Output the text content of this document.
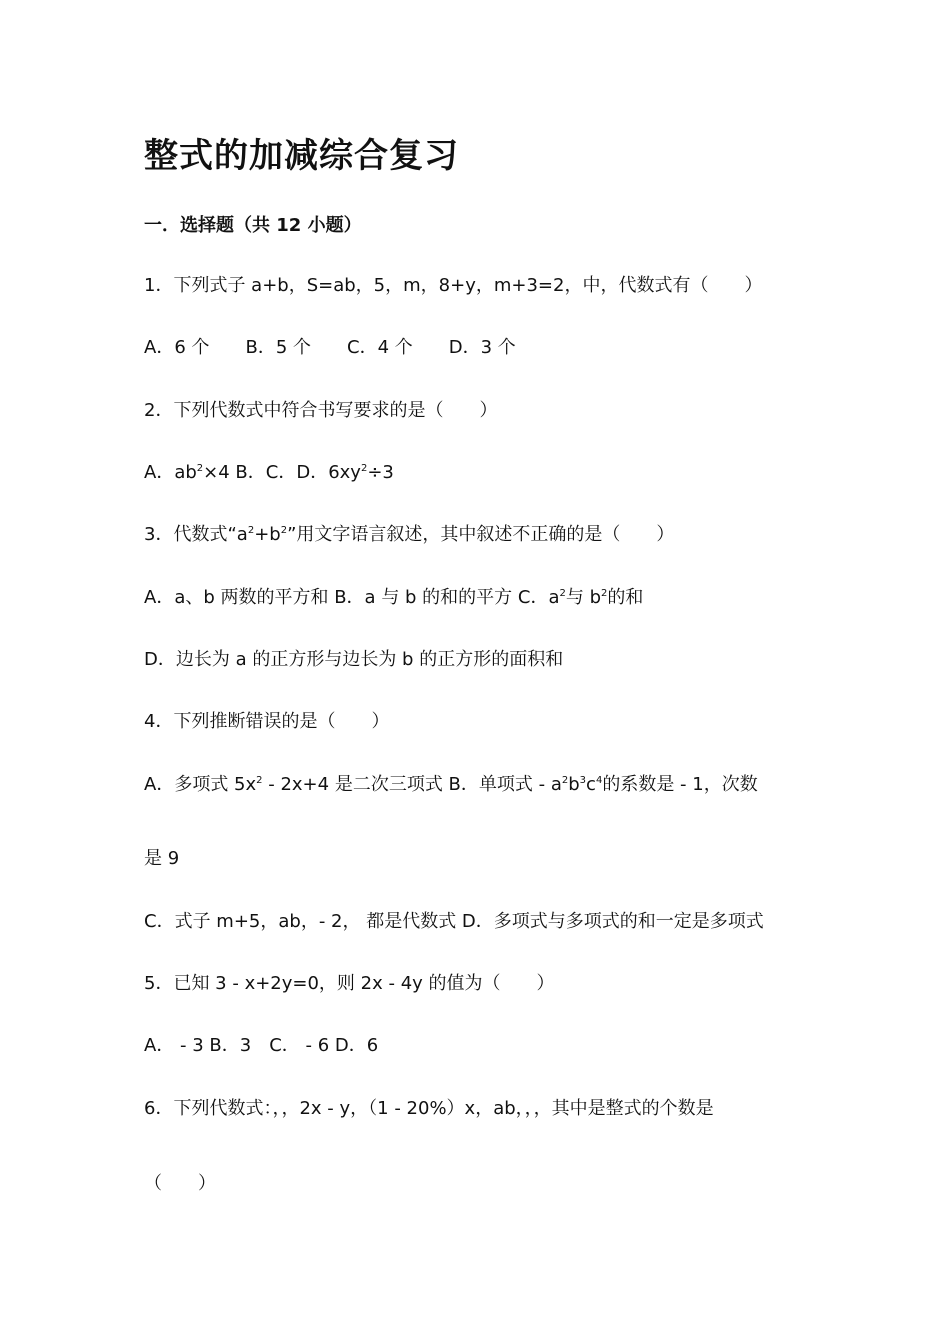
整式的加减综合复习
一．选择题（共 12 小题）
1．下列式子 a+b，S=ab，5，m，8+y，m+3=2，中，代数式有（　　）
A．6 个　　B．5 个　　C．4 个　　D．3 个
2．下列代数式中符合书写要求的是（　　）
A．$ab^2\times 4$ B．C．D．$6xy^2\div 3$
3．代数式“$a^2+b^2$”用文字语言叙述，其中叙述不正确的是（　　）
A．a、b 两数的平方和 B．a 与 b 的和的平方 C．$a^2$与 $b^2$的和
D．边长为 a 的正方形与边长为 b 的正方形的面积和
4．下列推断错误的是（　　）
A．多项式 $5x^2 - 2x+4$ 是二次三项式 B．单项式 - $a^2b^3c^4$的系数是 - 1，次数
是 9
C．式子 m+5，ab，- 2， 都是代数式 D．多项式与多项式的和一定是多项式
5．已知 3 - x+2y=0，则 2x - 4y 的值为（　　）
A． - 3 B．3　C． - 6 D．6
6．下列代数式：，，2x - y，（1 - 20%）x，ab，，，其中是整式的个数是
（　　）
